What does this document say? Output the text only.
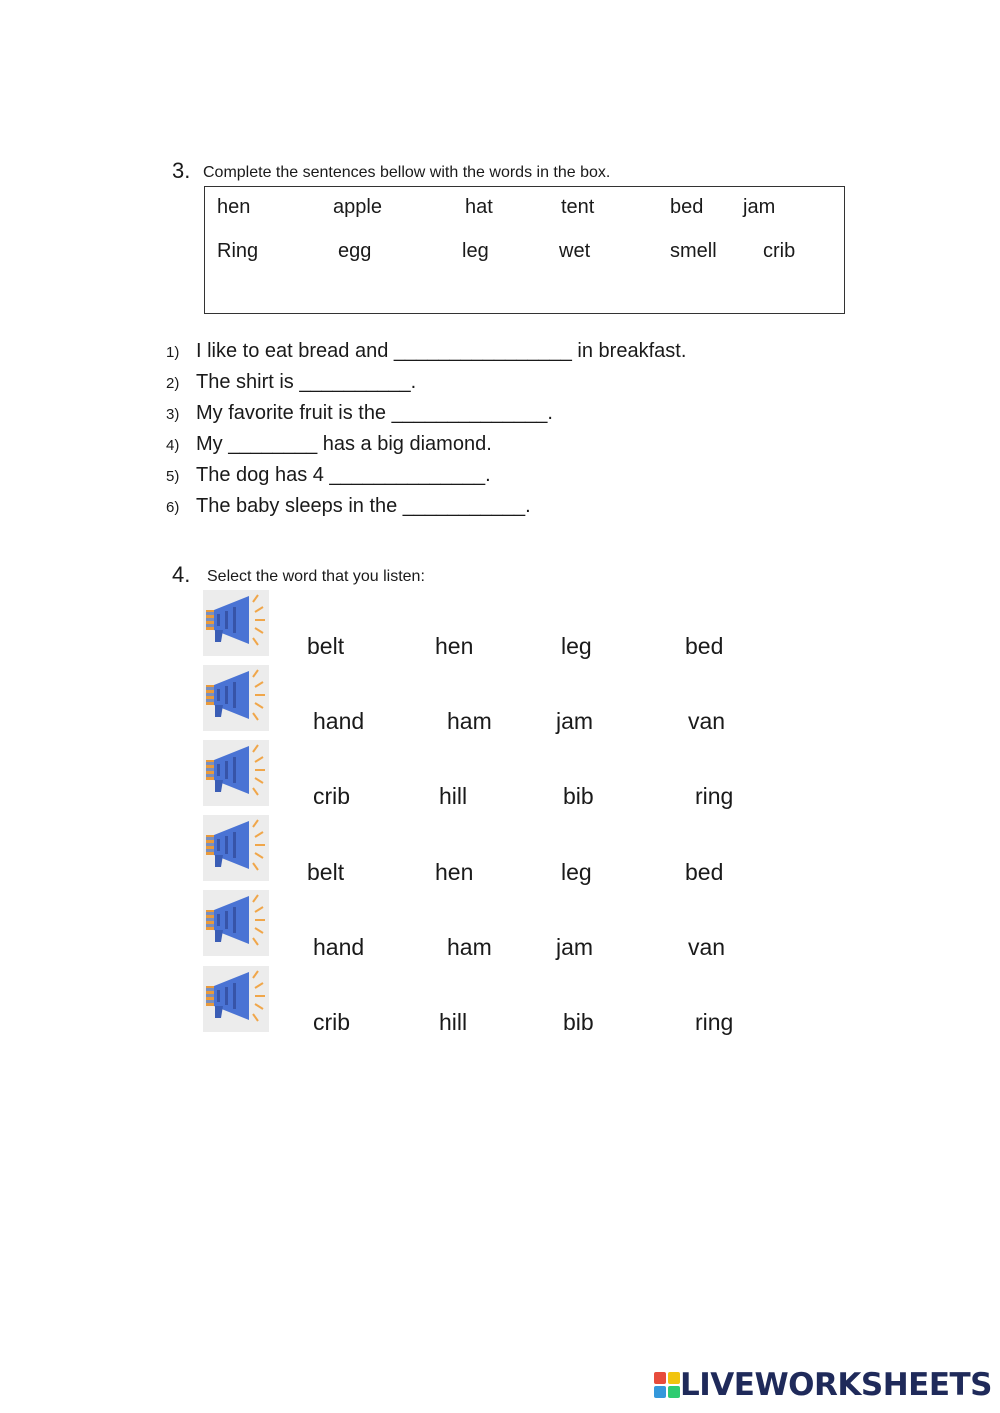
3. Complete the sentences bellow with the words in the box.
hen	apple	hat	tent	bed jam
Ring	egg	leg	wet	smell crib
1) I like to eat bread and ________________ in breakfast.
2) The shirt is __________.
3) My favorite fruit is the ______________.
4) My ________ has a big diamond.
5) The dog has 4 ______________.
6) The baby sleeps in the ___________.
4. Select the word that you listen:
belt	hen	leg	bed
hand	ham	jam	van
crib	hill	bib	ring
belt	hen	leg	bed
hand	ham	jam	van
crib	hill	bib	ring
LIVEWORKSHEETS
